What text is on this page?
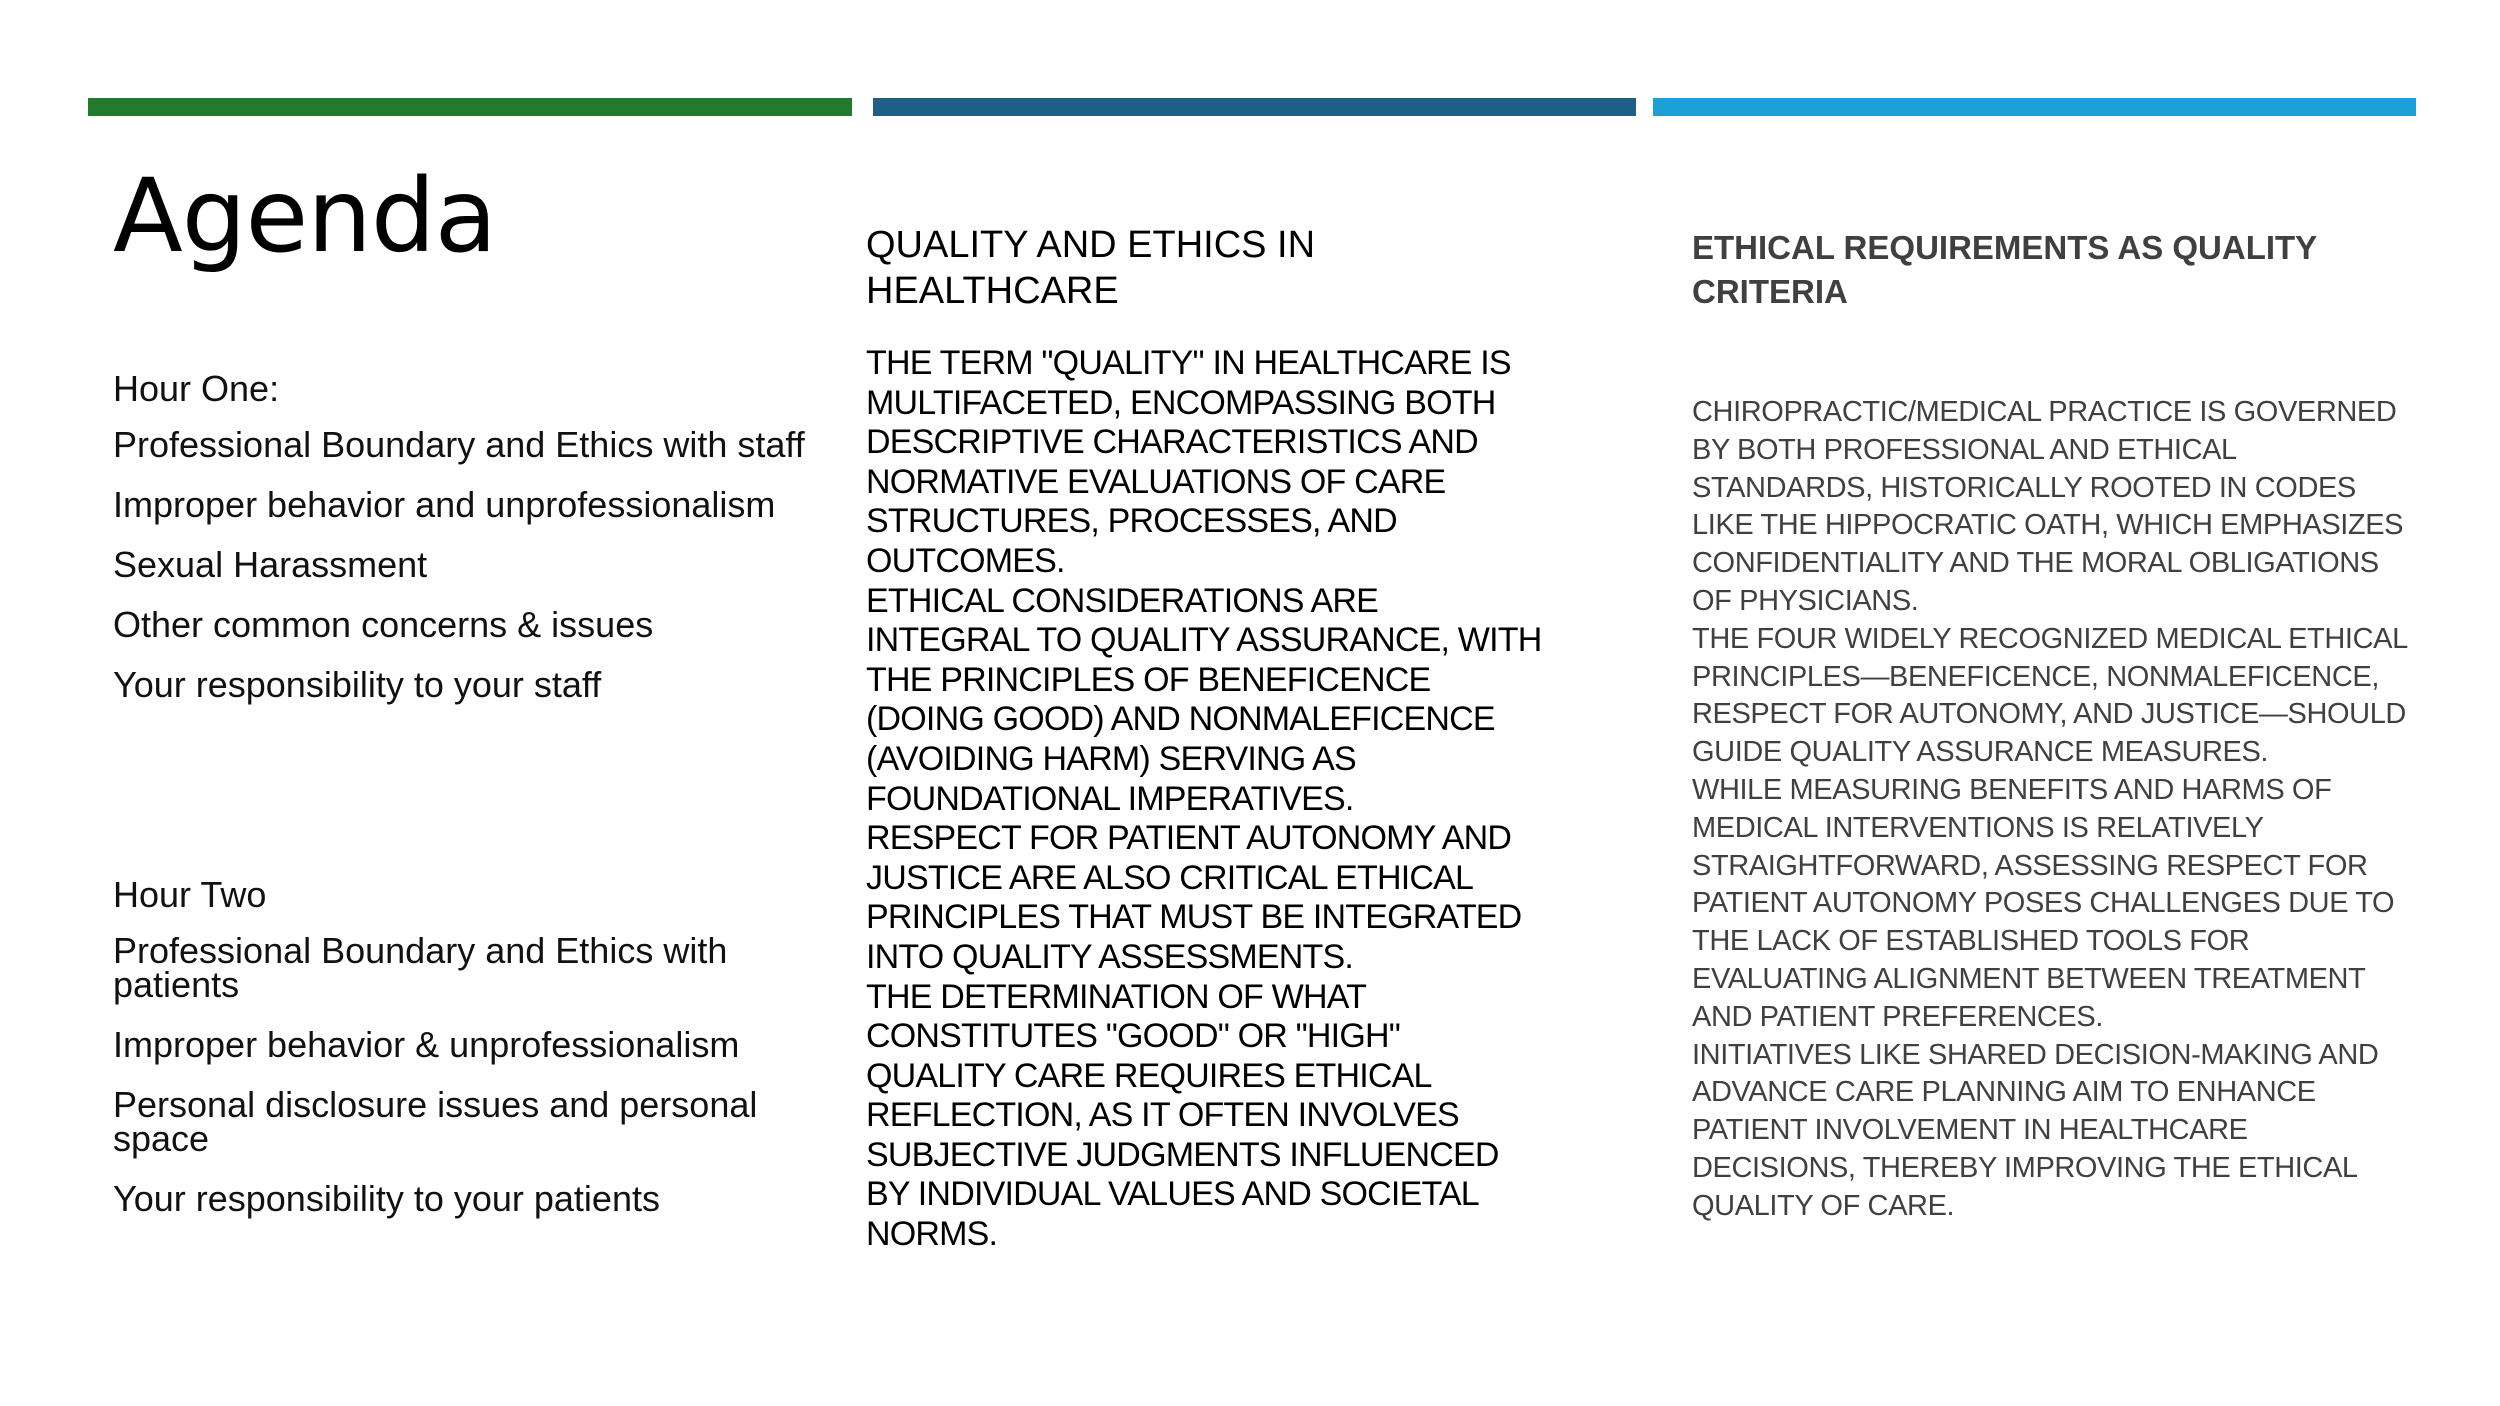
Agenda
Hour One:
Professional Boundary and Ethics with staff
Improper behavior and unprofessionalism
Sexual Harassment
Other common concerns & issues
Your responsibility to your staff
Hour Two
Professional Boundary and Ethics with patients
Improper behavior & unprofessionalism
Personal disclosure issues and personal space
Your responsibility to your patients
QUALITY AND ETHICS IN HEALTHCARE

THE TERM "QUALITY" IN HEALTHCARE IS MULTIFACETED, ENCOMPASSING BOTH DESCRIPTIVE CHARACTERISTICS AND NORMATIVE EVALUATIONS OF CARE STRUCTURES, PROCESSES, AND OUTCOMES.

ETHICAL CONSIDERATIONS ARE INTEGRAL TO QUALITY ASSURANCE, WITH THE PRINCIPLES OF BENEFICENCE (DOING GOOD) AND NONMALEFICENCE (AVOIDING HARM) SERVING AS FOUNDATIONAL IMPERATIVES.

RESPECT FOR PATIENT AUTONOMY AND JUSTICE ARE ALSO CRITICAL ETHICAL PRINCIPLES THAT MUST BE INTEGRATED INTO QUALITY ASSESSMENTS.

THE DETERMINATION OF WHAT CONSTITUTES "GOOD" OR "HIGH" QUALITY CARE REQUIRES ETHICAL REFLECTION, AS IT OFTEN INVOLVES SUBJECTIVE JUDGMENTS INFLUENCED BY INDIVIDUAL VALUES AND SOCIETAL NORMS.

ETHICAL REQUIREMENTS AS QUALITY CRITERIA

CHIROPRACTIC/MEDICAL PRACTICE IS GOVERNED BY BOTH PROFESSIONAL AND ETHICAL STANDARDS, HISTORICALLY ROOTED IN CODES LIKE THE HIPPOCRATIC OATH, WHICH EMPHASIZES CONFIDENTIALITY AND THE MORAL OBLIGATIONS OF PHYSICIANS.

THE FOUR WIDELY RECOGNIZED MEDICAL ETHICAL PRINCIPLES—BENEFICENCE, NONMALEFICENCE, RESPECT FOR AUTONOMY, AND JUSTICE—SHOULD GUIDE QUALITY ASSURANCE MEASURES.

WHILE MEASURING BENEFITS AND HARMS OF MEDICAL INTERVENTIONS IS RELATIVELY STRAIGHTFORWARD, ASSESSING RESPECT FOR PATIENT AUTONOMY POSES CHALLENGES DUE TO THE LACK OF ESTABLISHED TOOLS FOR EVALUATING ALIGNMENT BETWEEN TREATMENT AND PATIENT PREFERENCES.

INITIATIVES LIKE SHARED DECISION-MAKING AND ADVANCE CARE PLANNING AIM TO ENHANCE PATIENT INVOLVEMENT IN HEALTHCARE DECISIONS, THEREBY IMPROVING THE ETHICAL QUALITY OF CARE.
